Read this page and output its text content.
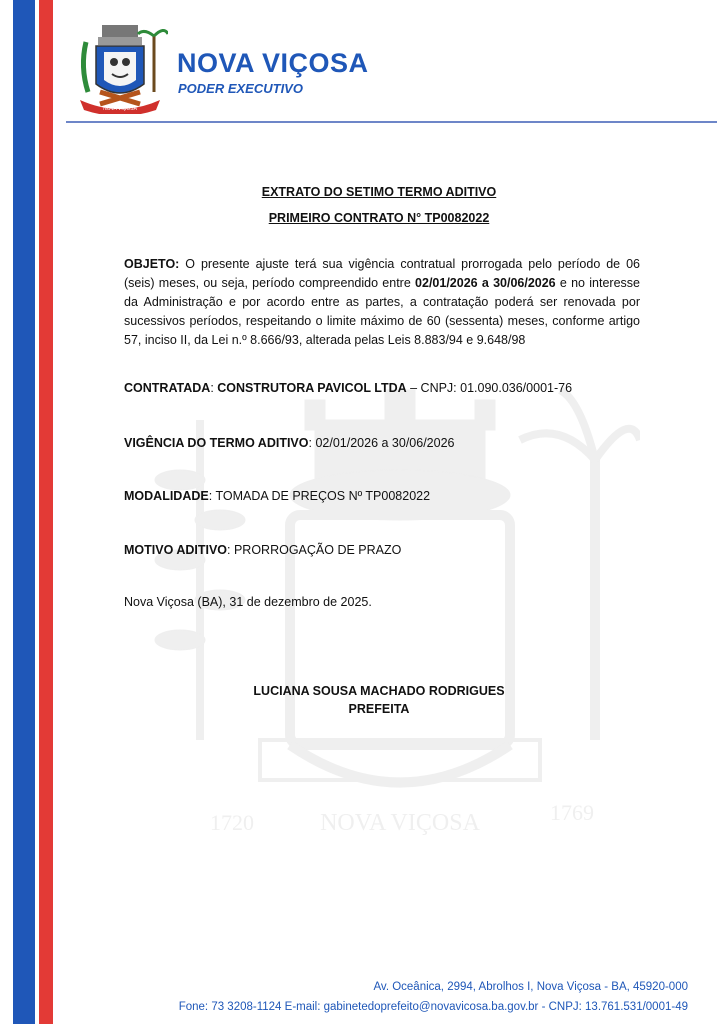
1720	NOVA VIÇOSA	1769
NOVA VIÇOSA
NOVA VIÇOSA
PODER EXECUTIVO
EXTRATO DO SETIMO TERMO ADITIVO
PRIMEIRO CONTRATO N° TP0082022

OBJETO: O presente ajuste terá sua vigência contratual prorrogada pelo período de 06 (seis) meses, ou seja, período compreendido entre 02/01/2026 a 30/06/2026 e no interesse da Administração e por acordo entre as partes, a contratação poderá ser renovada por sucessivos períodos, respeitando o limite máximo de 60 (sessenta) meses, conforme artigo 57, inciso II, da Lei n.º 8.666/93, alterada pelas Leis 8.883/94 e 9.648/98

CONTRATADA: CONSTRUTORA PAVICOL LTDA – CNPJ: 01.090.036/0001-76
VIGÊNCIA DO TERMO ADITIVO: 02/01/2026 a 30/06/2026
MODALIDADE: TOMADA DE PREÇOS Nº TP0082022
MOTIVO ADITIVO: PRORROGAÇÃO DE PRAZO
Nova Viçosa (BA), 31 de dezembro de 2025.
LUCIANA SOUSA MACHADO RODRIGUES
PREFEITA
Av. Oceânica, 2994, Abrolhos I, Nova Viçosa - BA, 45920-000
Fone: 73 3208-1124 E-mail: gabinetedoprefeito@novavicosa.ba.gov.br - CNPJ: 13.761.531/0001-49
